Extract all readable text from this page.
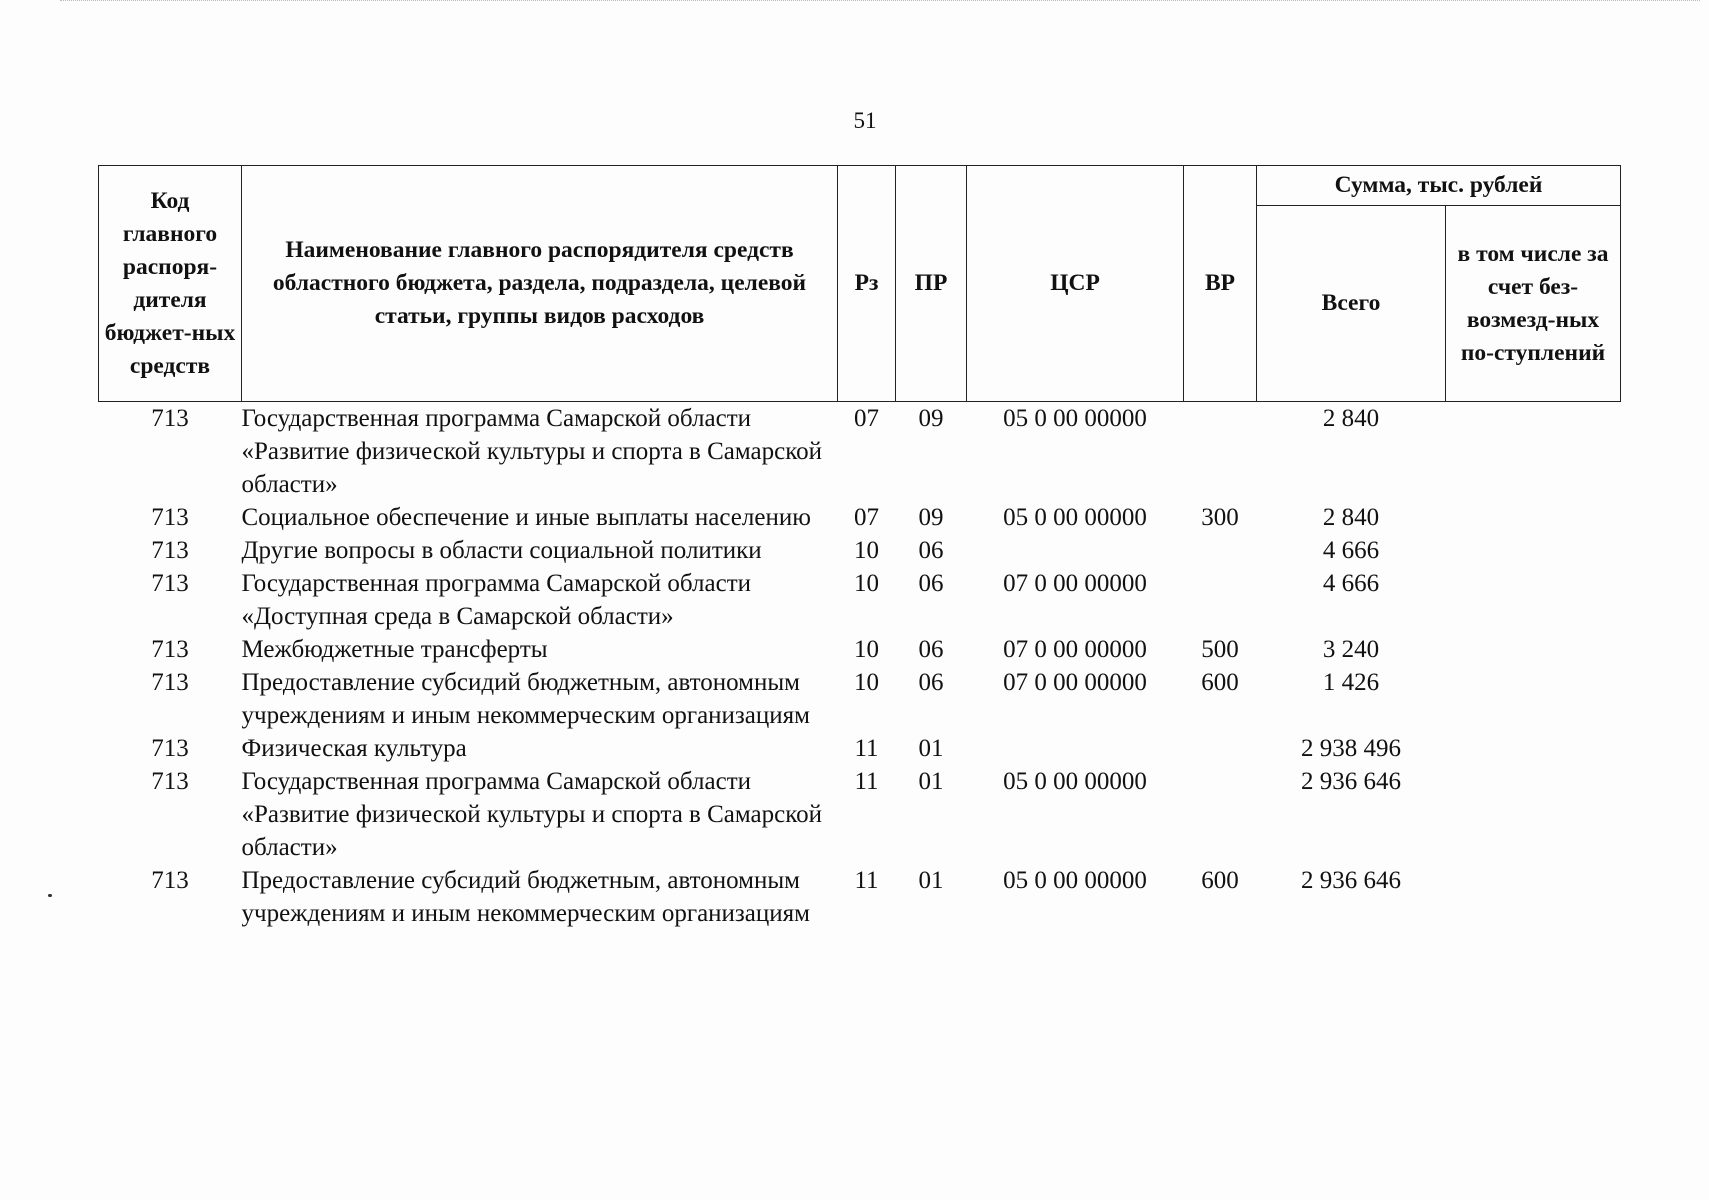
51
Код главного распоря-дителя бюджет-ных средств	Наименование главного распорядителя средств областного бюджета, раздела, подраздела, целевой статьи, группы видов расходов	Рз	ПР	ЦСР	ВР	Сумма, тыс. рублей	
						Всего	в том числе за счет без-возмезд-ных по-ступлений
713	Государственная программа Самарской области «Развитие физической культуры и спорта в Самарской области»	07	09	05 0 00 00000		2 840	
713	Социальное обеспечение и иные выплаты населению	07	09	05 0 00 00000	300	2 840	
713	Другие вопросы в области социальной политики	10	06			4 666	
713	Государственная программа Самарской области «Доступная среда в Самарской области»	10	06	07 0 00 00000		4 666	
713	Межбюджетные трансферты	10	06	07 0 00 00000	500	3 240	
713	Предоставление субсидий бюджетным, автономным учреждениям и иным некоммерческим организациям	10	06	07 0 00 00000	600	1 426	
713	Физическая культура	11	01			2 938 496	
713	Государственная программа Самарской области «Развитие физической культуры и спорта в Самарской области»	11	01	05 0 00 00000		2 936 646	
713	Предоставление субсидий бюджетным, автономным учреждениям и иным некоммерческим организациям	11	01	05 0 00 00000	600	2 936 646	
